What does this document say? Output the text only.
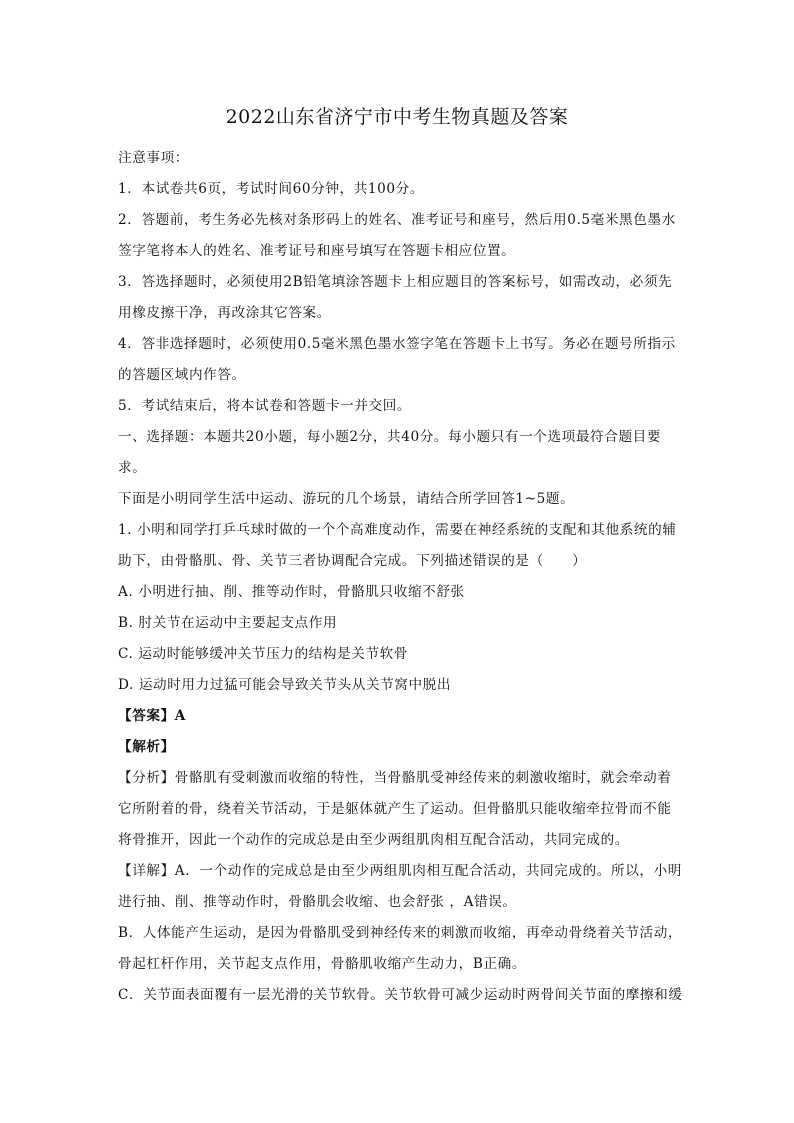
2022山东省济宁市中考生物真题及答案
注意事项：
1．本试卷共6页，考试时间60分钟，共100分。
2．答题前，考生务必先核对条形码上的姓名、准考证号和座号，然后用0.5毫米黑色墨水
签字笔将本人的姓名、准考证号和座号填写在答题卡相应位置。
3．答选择题时，必须使用2B铅笔填涂答题卡上相应题目的答案标号，如需改动，必须先
用橡皮擦干净，再改涂其它答案。
4．答非选择题时，必须使用0.5毫米黑色墨水签字笔在答题卡上书写。务必在题号所指示
的答题区域内作答。
5．考试结束后，将本试卷和答题卡一并交回。
一、选择题：本题共20小题，每小题2分，共40分。每小题只有一个选项最符合题目要
求。
下面是小明同学生活中运动、游玩的几个场景，请结合所学回答1~5题。
1. 小明和同学打乒乓球时做的一个个高难度动作，需要在神经系统的支配和其他系统的辅
助下，由骨骼肌、骨、关节三者协调配合完成。下列描述错误的是（　　）
A. 小明进行抽、削、推等动作时，骨骼肌只收缩不舒张
B. 肘关节在运动中主要起支点作用
C. 运动时能够缓冲关节压力的结构是关节软骨
D. 运动时用力过猛可能会导致关节头从关节窝中脱出
【答案】A
【解析】
【分析】骨骼肌有受刺激而收缩的特性，当骨骼肌受神经传来的刺激收缩时，就会牵动着
它所附着的骨，绕着关节活动，于是躯体就产生了运动。但骨骼肌只能收缩牵拉骨而不能
将骨推开，因此一个动作的完成总是由至少两组肌肉相互配合活动，共同完成的。
【详解】A．一个动作的完成总是由至少两组肌肉相互配合活动，共同完成的。所以，小明
进行抽、削、推等动作时，骨骼肌会收缩、也会舒张 ，A错误。
B．人体能产生运动，是因为骨骼肌受到神经传来的刺激而收缩，再牵动骨绕着关节活动，
骨起杠杆作用，关节起支点作用，骨骼肌收缩产生动力，B正确。
C．关节面表面覆有一层光滑的关节软骨。关节软骨可减少运动时两骨间关节面的摩擦和缓
